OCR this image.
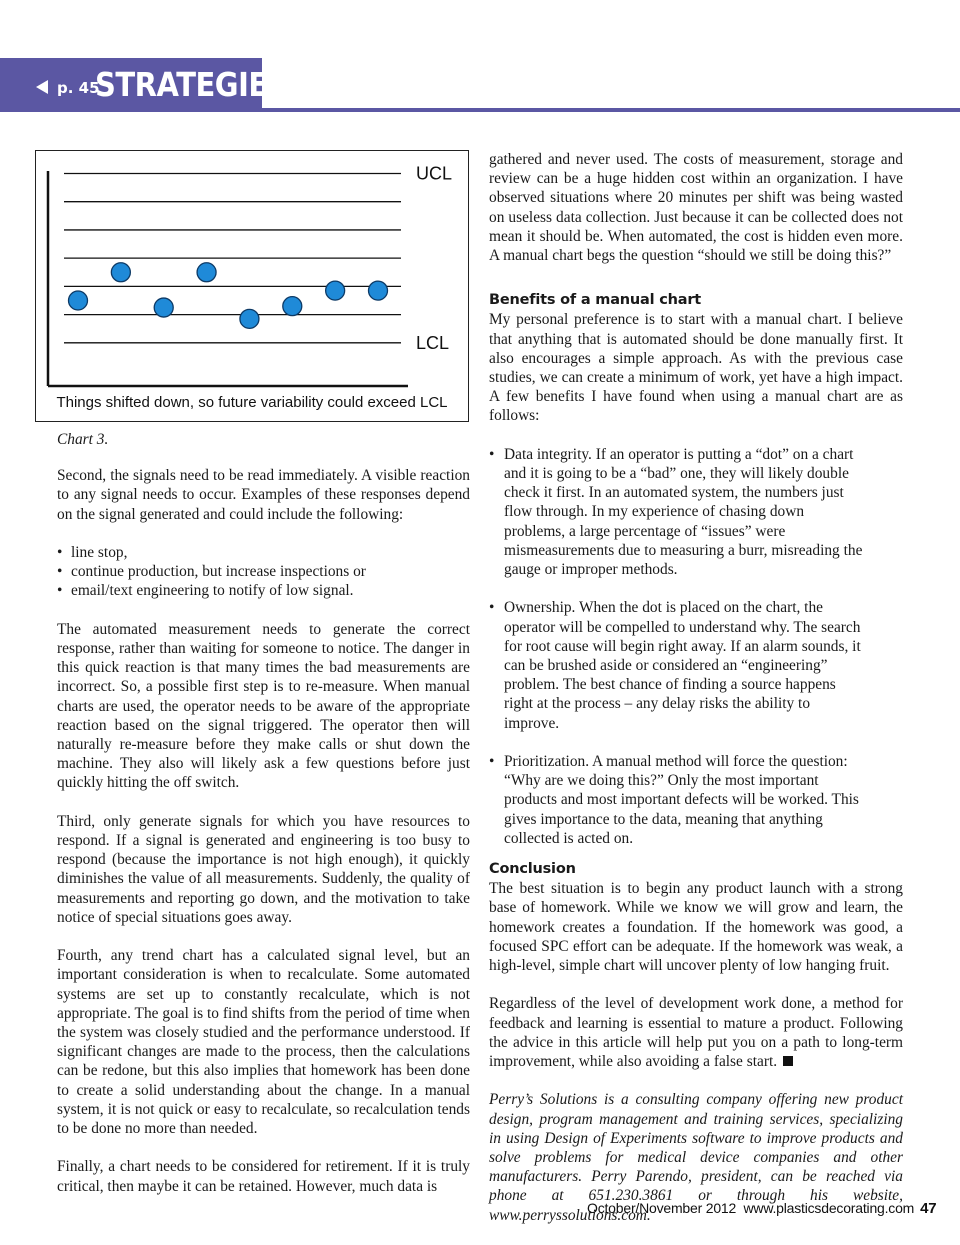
p. 45
STRATEGIES
UCL
LCL
Things shifted down, so future variability could exceed LCL

Chart 3.

Second, the signals need to be read immediately. A visible reaction to any signal needs to occur. Examples of these responses depend on the signal generated and could include the following:

• line stop,
• continue production, but increase inspections or
• email/text engineering to notify of low signal.

The automated measurement needs to generate the correct response, rather than waiting for someone to notice. The danger in this quick reaction is that many times the bad measurements are incorrect. So, a possible first step is to re-measure. When manual charts are used, the operator needs to be aware of the appropriate reaction based on the signal triggered. The operator then will naturally re-measure before they make calls or shut down the machine. They also will likely ask a few questions before just quickly hitting the off switch.

Third, only generate signals for which you have resources to respond. If a signal is generated and engineering is too busy to respond (because the importance is not high enough), it quickly diminishes the value of all measurements. Suddenly, the quality of measurements and reporting go down, and the motivation to take notice of special situations goes away.

Fourth, any trend chart has a calculated signal level, but an important consideration is when to recalculate. Some automated systems are set up to constantly recalculate, which is not appropriate. The goal is to find shifts from the period of time when the system was closely studied and the performance understood. If significant changes are made to the process, then the calculations can be redone, but this also implies that homework has been done to create a solid understanding about the change. In a manual system, it is not quick or easy to recalculate, so recalculation tends to be done no more than needed.

Finally, a chart needs to be considered for retirement. If it is truly critical, then maybe it can be retained. However, much data is

gathered and never used. The costs of measurement, storage and review can be a huge hidden cost within an organization. I have observed situations where 20 minutes per shift was being wasted on useless data collection. Just because it can be collected does not mean it should be. When automated, the cost is hidden even more. A manual chart begs the question “should we still be doing this?”

Benefits of a manual chart

My personal preference is to start with a manual chart. I believe that anything that is automated should be done manually first. It also encourages a simple approach. As with the previous case studies, we can create a minimum of work, yet have a high impact. A few benefits I have found when using a manual chart are as follows:

• Data integrity. If an operator is putting a “dot” on a chart and it is going to be a “bad” one, they will likely double check it first. In an automated system, the numbers just flow through. In my experience of chasing down problems, a large percentage of “issues” were mismeasurements due to measuring a burr, misreading the gauge or improper methods.
• Ownership. When the dot is placed on the chart, the operator will be compelled to understand why. The search for root cause will begin right away. If an alarm sounds, it can be brushed aside or considered an “engineering” problem. The best chance of finding a source happens right at the process – any delay risks the ability to improve.
• Prioritization. A manual method will force the question: “Why are we doing this?” Only the most important products and most important defects will be worked. This gives importance to the data, meaning that anything collected is acted on.

Conclusion

The best situation is to begin any product launch with a strong base of homework. While we know we will grow and learn, the homework creates a foundation. If the homework was good, a focused SPC effort can be adequate. If the homework was weak, a high-level, simple chart will uncover plenty of low hanging fruit.

Regardless of the level of development work done, a method for feedback and learning is essential to mature a product. Following the advice in this article will help put you on a path to long-term improvement, while also avoiding a false start.

Perry’s Solutions is a consulting company offering new product design, program management and training services, specializing in using Design of Experiments software to improve products and solve problems for medical device companies and other manufacturers. Perry Parendo, president, can be reached via phone at 651.230.3861 or through his website, www.perryssolutions.com.

October/November 2012 www.plasticsdecorating.com 47
